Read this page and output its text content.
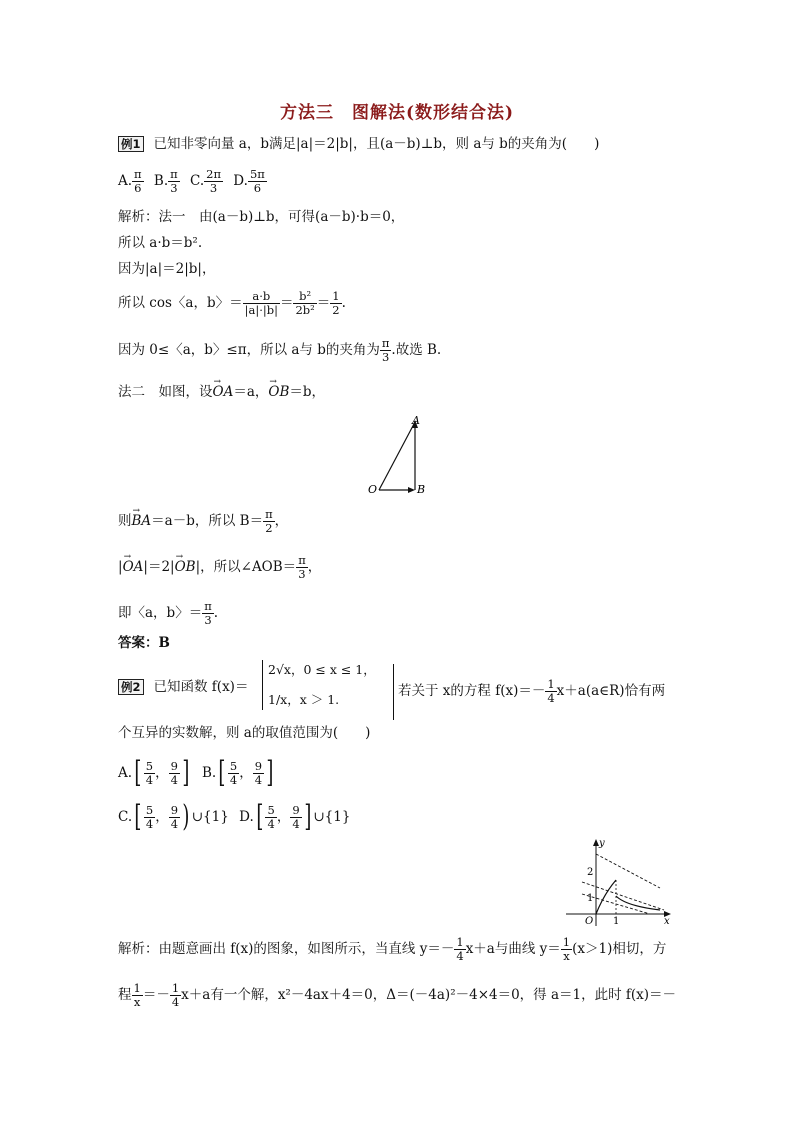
方法三　图解法(数形结合法)
例1 已知非零向量 a，b满足|a|＝2|b|，且(a－b)⊥b，则 a与 b的夹角为(　　)
A. $\frac{\pi}{6} B$. $\frac{\pi}{3} C$. $\frac{2\pi}{3} D$. $\frac{5\pi}{6}$
解析：法一　由(a－b)⊥b，可得(a－b)·b＝0，
所以 a·b＝b².
因为|a|＝2|b|，
所以 cos〈a，b〉＝ $\frac{a\cdot b}{|a|\cdot|b|} = \frac{\text{b²}}{\text{2b²}} = \frac{1}{2}$ .
因为 0≤〈a，b〉≤π，所以 a与 b的夹角为 $\frac{\pi}{3}$ .故选 B.
法二　如图，设→ OA＝a，→ OB＝b，
A
O	B
则→ BA＝a－b，所以 $B= \frac{\pi}{2}$ ，
|→ OA|＝2|→ OB|，所以∠AOB＝ $\frac{\pi}{3}$ ，
即〈a，b〉＝ $\frac{\pi}{3}$ .
答案：B
例2 已知函数 f(x)＝
2√x，0 ≤ x ≤ 1，
1/x，x ＞ 1.
若关于 x的方程 $f(x)=- \frac{1}{4}$ x＋a(a∈R)恰有两
个互异的实数解，则 a的取值范围为(　　)
$A.[ \frac{5}{4}$ ， $\frac{9}{4}$ ] $B.[ \frac{5}{4}$ ， $\frac{9}{4}$ ]
$C.[ \frac{5}{4}$ ， $\frac{9}{4}$ ) ∪{1} $D.[ \frac{5}{4}$ ， $\frac{9}{4}$ ] ∪{1}
y
x
O 1
1
2
解析：由题意画出 f(x)的图象，如图所示，当直线 $y=- \frac{1}{4} x+a$与曲线 $y= \frac{1}{x} (x>1)$相切，方
程 $\frac{1}{x} =- \frac{1}{4} x+a$有一个解，x²－4ax＋4＝0，Δ＝(－4a)²－4×4＝0，得 a＝1，此时 f(x)＝－
